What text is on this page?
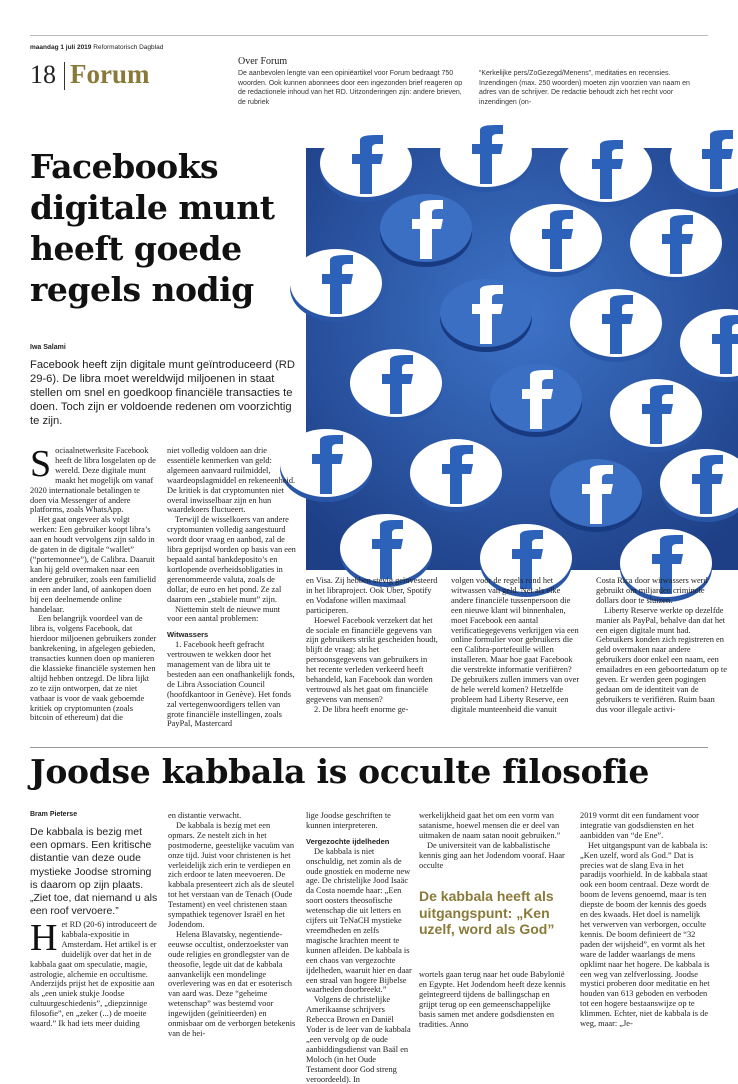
maandag 1 juli 2019 Reformatorisch Dagblad
18 Forum	Over Forum
De aanbevolen lengte van een opiniëartikel voor Forum bedraagt 750 woorden. Ook kunnen abonnees door een ingezonden brief reageren op de redactionele inhoud van het RD. Uitzonderingen zijn: andere brieven, de rubriek
“Kerkelijke pers/ZoGezegd/Menens”, meditaties en recensies. Inzendingen (max. 250 woorden) moeten zijn voorzien van naam en adres van de schrijver. De redactie behoudt zich het recht voor inzendingen (on-
Facebooks digitale munt heeft goede regels nodig
Iwa Salami
Facebook heeft zijn digitale munt geïntroduceerd (RD 29-6). De libra moet wereldwijd miljoenen in staat stellen om snel en goedkoop financiële transacties te doen. Toch zijn er voldoende redenen om voorzichtig te zijn.
S ociaalnetwerksite Facebook heeft de libra losgelaten op de wereld. Deze digitale munt maakt het mogelijk om vanaf 2020 internationale betalingen te doen via Messenger of andere platforms, zoals WhatsApp.

Het gaat ongeveer als volgt werken: Een gebruiker koopt libra’s aan en houdt vervolgens zijn saldo in de gaten in de digitale “wallet” (“portemonnee”), de Calibra. Daaruit kan hij geld overmaken naar een andere gebruiker, zoals een familielid in een ander land, of aankopen doen bij een deelnemende online handelaar.

Een belangrijk voordeel van de libra is, volgens Facebook, dat hierdoor miljoenen gebruikers zonder bankrekening, in afgelegen gebieden, transacties kunnen doen op manieren die klassieke financiële systemen hen altijd hebben ontzegd. De libra lijkt zo te zijn ontworpen, dat ze niet vatbaar is voor de vaak geboemde kritiek op cryptomunten (zoals bitcoin of ethereum) dat die

niet volledig voldoen aan drie essentiële kenmerken van geld: algemeen aanvaard ruilmiddel, waardeopslagmiddel en rekeneenheid. De kritiek is dat cryptomunten niet overal inwisselbaar zijn en hun waardekoers fluctueert.

Terwijl de wisselkoers van andere cryptomunten volledig aangestuurd wordt door vraag en aanbod, zal de libra geprijsd worden op basis van een bepaald aantal bankdeposito’s en kortlopende overheidsobligaties in gerenommeerde valuta, zoals de dollar, de euro en het pond. Ze zal daarom een „stabiele munt” zijn.

Niettemin stelt de nieuwe munt voor een aantal problemen:

Witwassers

1. Facebook heeft gefracht vertrouwen te wekken door het management van de libra uit te besteden aan een onafhankelijk fonds, de Libra Association Council (hoofdkantoor in Genève). Het fonds zal vertegenwoordigers tellen van grote financiële instellingen, zoals PayPal, Mastercard

en Visa. Zij hebben stevig geïnvesteerd in het libraproject. Ook Uber, Spotify en Vodafone willen maximaal participeren.

Hoewel Facebook verzekert dat het de sociale en financiële gegevens van zijn gebruikers strikt gescheiden houdt, blijft de vraag: als het persoonsgegevens van gebruikers in het recente verleden verkeerd heeft behandeld, kan Facebook dan worden vertrouwd als het gaat om financiële gegevens van mensen?

2. De libra heeft enorme ge-

volgen voor de regels rond het witwassen van geld. Net als elke andere financiële tussenpersoon die een nieuwe klant wil binnenhalen, moet Facebook een aantal verificatiegegevens verkrijgen via een online formulier voor gebruikers die een Calibra-portefeuille willen installeren. Maar hoe gaat Facebook die verstrekte informatie verifiëren? De gebruikers zullen immers van over de hele wereld komen? Hetzelfde probleem had Liberty Reserve, een digitale munteenheid die vanuit

Costa Rica door witwassers werd gebruikt om miljarden criminele dollars door te sluizen.

Liberty Reserve werkte op dezelfde manier als PayPal, behalve dan dat het een eigen digitale munt had. Gebruikers konden zich registreren en geld overmaken naar andere gebruikers door enkel een naam, een emailadres en een geboortedatum op te geven. Er werden geen pogingen gedaan om de identiteit van de gebruikers te verifiëren. Ruim baan dus voor illegale activi-

Joodse kabbala is occulte filosofie
Bram Pieterse
De kabbala is bezig met een opmars. Een kritische distantie van deze oude mystieke Joodse stroming is daarom op zijn plaats. „Ziet toe, dat niemand u als een roof vervoere.”
H et RD (20-6) introduceert de kabbala-expositie in Amsterdam. Het artikel is er duidelijk over dat het in de kabbala gaat om speculatie, magie, astrologie, alchemie en occultisme. Anderzijds prijst het de expositie aan als „een uniek stukje Joodse cultuurgeschiedenis”, „diepzinnige filosofie”, en „zeker (...) de moeite waard.” Ik had iets meer duiding

en distantie verwacht.

De kabbala is bezig met een opmars. Ze nestelt zich in het postmoderne, geestelijke vacuüm van onze tijd. Juist voor christenen is het verleidelijk zich erin te verdiepen en zich erdoor te laten meevoeren. De kabbala presenteert zich als de sleutel tot het verstaan van de Tenach (Oude Testament) en veel christenen staan sympathiek tegenover Israël en het Jodendom.

Helena Blavatsky, negentiende-eeuwse occultist, onderzoekster van oude religies en grondlegster van de theosofie, legde uit dat de kabbala aanvankelijk een mondelinge overlevering was en dat er esoterisch van aard was. Deze “geheime wetenschap” was bestemd voor ingewijden (geïnitieerden) en onmisbaar om de verborgen betekenis van de hei-

lige Joodse geschriften te kunnen interpreteren.

Vergezochte ijdelheden

De kabbala is niet onschuldig, net zomin als de oude gnostiek en moderne new age. De christelijke Jood Isaäc da Costa noemde haar: „Een soort oosters theosofische wetenschap die uit letters en cijfers uit TeNaCH mystieke vreemdheden en zelfs magische krachten meent te kunnen afleiden. De kabbala is een chaos van vergezochte ijdelheden, waaruit hier en daar een straal van hogere Bijbelse waarheden doorbreekt.”

Volgens de christelijke Amerikaanse schrijvers Rebecca Brown en Daniël Yoder is de leer van de kabbala „een vervolg op de oude aanbiddingsdienst van Baäl en Moloch (in het Oude Testament door God streng veroordeeld). In

werkelijkheid gaat het om een vorm van satanisme, hoewel mensen die er deel van uitmaken de naam satan nooit gebruiken.”

De universiteit van de kabbalistische kennis ging aan het Jodendom vooraf. Haar occulte

De kabbala heeft als uitgangspunt: „Ken uzelf, word als God”

wortels gaan terug naar het oude Babylonië en Egypte. Het Jodendom heeft deze kennis geïntegreerd tijdens de ballingschap en grijpt terug op een gemeenschappelijke basis samen met andere godsdiensten en tradities. Anno

2019 vormt dit een fundament voor integratie van godsdiensten en het aanbidden van “de Ene”.

Het uitgangspunt van de kabbala is: „Ken uzelf, word als God.” Dat is precies wat de slang Eva in het paradijs voorhield. In de kabbala staat ook een boom centraal. Deze wordt de boom de levens genoemd, maar is ten diepste de boom der kennis des goeds en des kwaads. Het doel is namelijk het verwerven van verborgen, occulte kennis. De boom definieert de “32 paden der wijsheid”, en vormt als het ware de ladder waarlangs de mens opklimt naar het hogere. De kabbala is een weg van zelfverlossing. Joodse mystici proberen door meditatie en het houden van 613 geboden en verboden tot een hogere bestaanswijze op te klimmen. Echter, niet de kabbala is de weg, maar: „Je-
